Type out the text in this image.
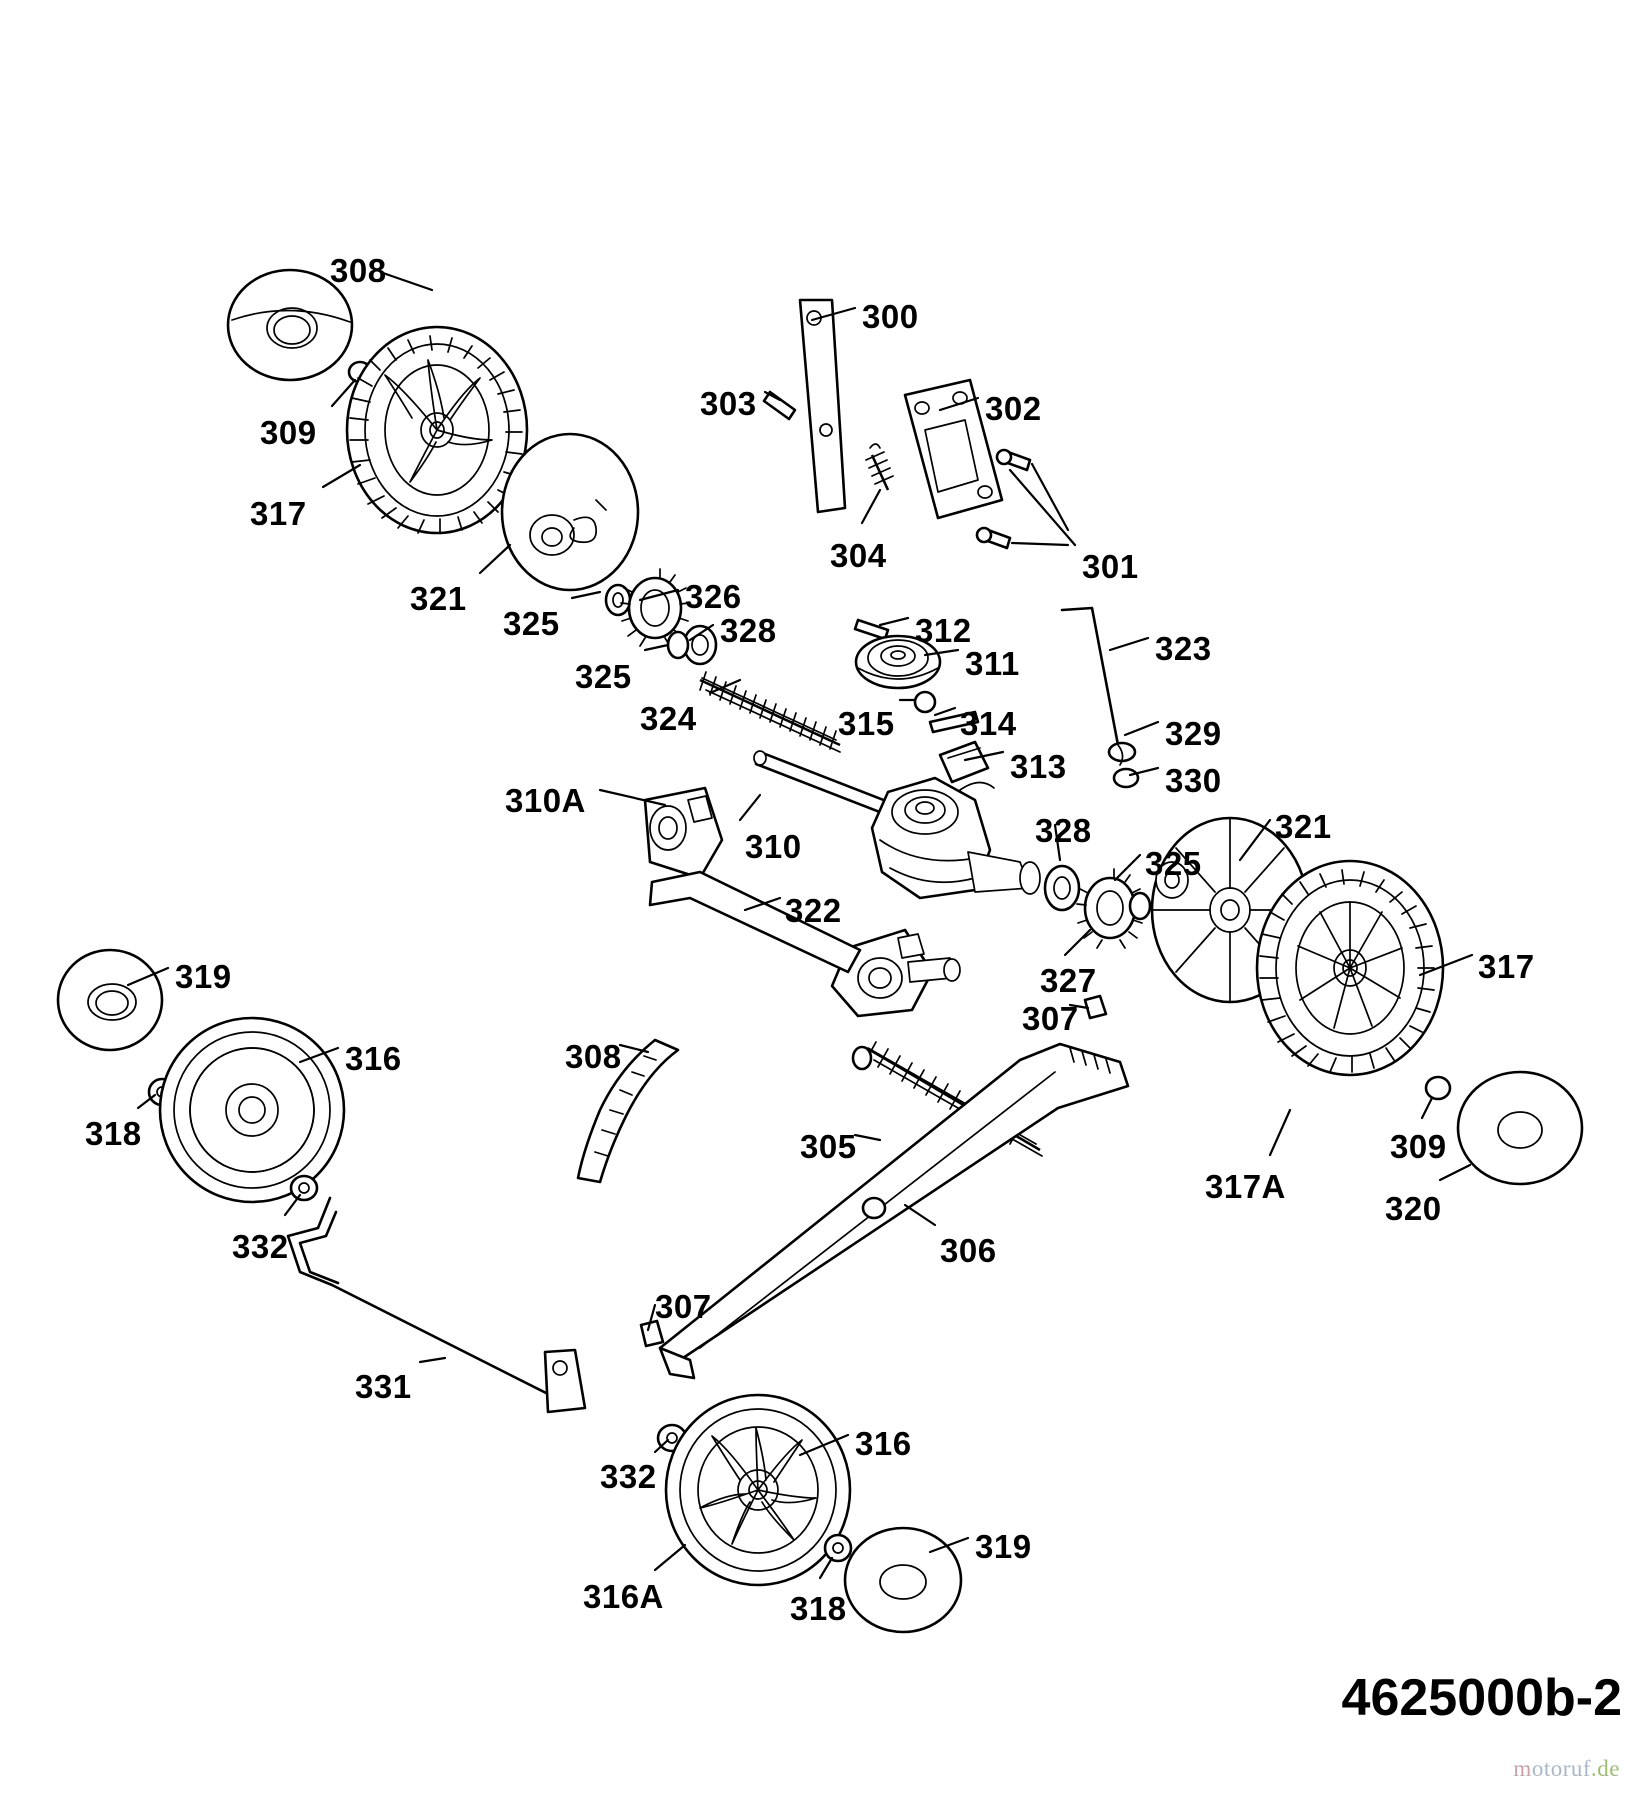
308
309
317
321
325
326
325
328
324
300
303	302
304	301
312
311	323
315 314	329
313	330
310A
310	328
325
321
322
327	317
307
319
316
318
308
305
332
309
317A
320
306
307
331
316
332
319
316A	318
4625000b-2
motoruf.de
